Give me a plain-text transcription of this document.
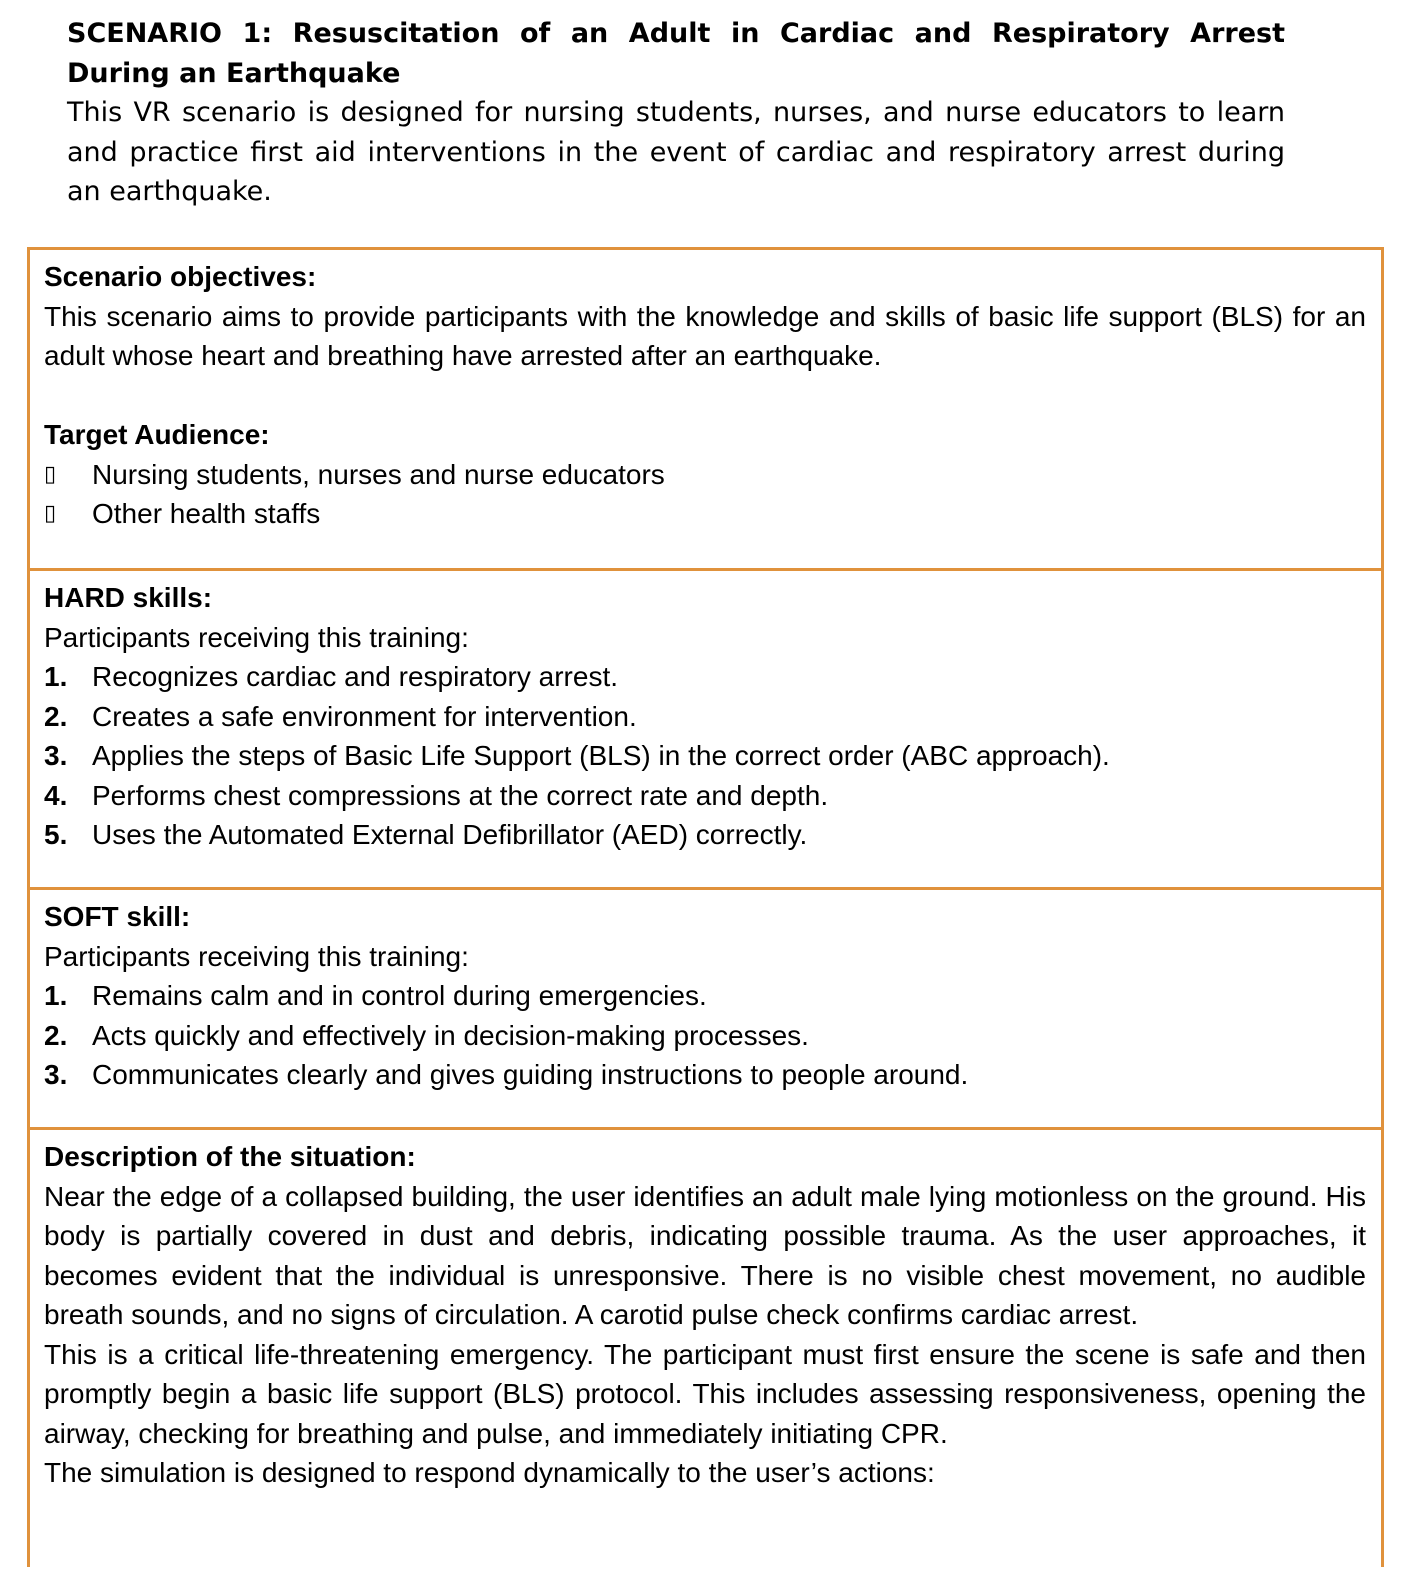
SCENARIO 1: Resuscitation of an Adult in Cardiac and Respiratory Arrest During an Earthquake

This VR scenario is designed for nursing students, nurses, and nurse educators to learn and practice first aid interventions in the event of cardiac and respiratory arrest during an earthquake.

Scenario objectives:

This scenario aims to provide participants with the knowledge and skills of basic life support (BLS) for an adult whose heart and breathing have arrested after an earthquake.

Target Audience:
▯	Nursing students, nurses and nurse educators
▯	Other health staffs
HARD skills:

Participants receiving this training:

1. Recognizes cardiac and respiratory arrest.
2. Creates a safe environment for intervention.
3. Applies the steps of Basic Life Support (BLS) in the correct order (ABC approach).
4. Performs chest compressions at the correct rate and depth.
5. Uses the Automated External Defibrillator (AED) correctly.
SOFT skill:

Participants receiving this training:

1. Remains calm and in control during emergencies.
2. Acts quickly and effectively in decision-making processes.
3. Communicates clearly and gives guiding instructions to people around.
Description of the situation:

Near the edge of a collapsed building, the user identifies an adult male lying motionless on the ground. His body is partially covered in dust and debris, indicating possible trauma. As the user approaches, it becomes evident that the individual is unresponsive. There is no visible chest movement, no audible breath sounds, and no signs of circulation. A carotid pulse check confirms cardiac arrest.

This is a critical life-threatening emergency. The participant must first ensure the scene is safe and then promptly begin a basic life support (BLS) protocol. This includes assessing responsiveness, opening the airway, checking for breathing and pulse, and immediately initiating CPR.

The simulation is designed to respond dynamically to the user’s actions:
